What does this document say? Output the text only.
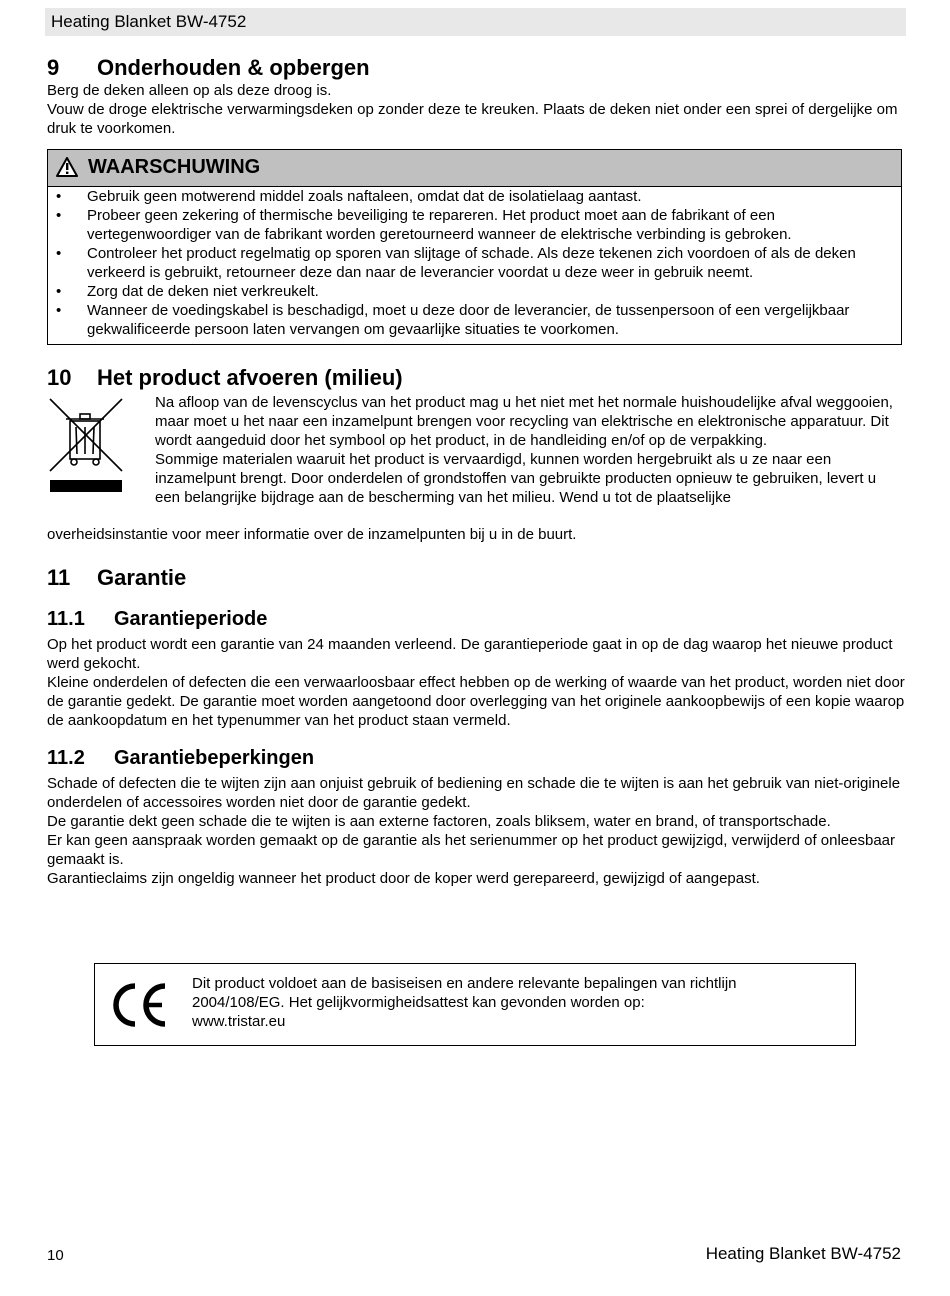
Heating Blanket BW-4752
9 Onderhouden & opbergen

Berg de deken alleen op als deze droog is.

Vouw de droge elektrische verwarmingsdeken op zonder deze te kreuken. Plaats de deken niet onder een sprei of dergelijke om druk te voorkomen.

WAARSCHUWING
• Gebruik geen motwerend middel zoals naftaleen, omdat dat de isolatielaag aantast.
• Probeer geen zekering of thermische beveiliging te repareren. Het product moet aan de fabrikant of een vertegenwoordiger van de fabrikant worden geretourneerd wanneer de elektrische verbinding is gebroken.
• Controleer het product regelmatig op sporen van slijtage of schade. Als deze tekenen zich voordoen of als de deken verkeerd is gebruikt, retourneer deze dan naar de leverancier voordat u deze weer in gebruik neemt.
• Zorg dat de deken niet verkreukelt.
• Wanneer de voedingskabel is beschadigd, moet u deze door de leverancier, de tussenpersoon of een vergelijkbaar gekwalificeerde persoon laten vervangen om gevaarlijke situaties te voorkomen.
10 Het product afvoeren (milieu)

Na afloop van de levenscyclus van het product mag u het niet met het normale huishoudelijke afval weggooien, maar moet u het naar een inzamelpunt brengen voor recycling van elektrische en elektronische apparatuur. Dit wordt aangeduid door het symbool op het product, in de handleiding en/of op de verpakking.

Sommige materialen waaruit het product is vervaardigd, kunnen worden hergebruikt als u ze naar een inzamelpunt brengt. Door onderdelen of grondstoffen van gebruikte producten opnieuw te gebruiken, levert u een belangrijke bijdrage aan de bescherming van het milieu. Wend u tot de plaatselijke

overheidsinstantie voor meer informatie over de inzamelpunten bij u in de buurt.

11 Garantie
11.1 Garantieperiode

Op het product wordt een garantie van 24 maanden verleend. De garantieperiode gaat in op de dag waarop het nieuwe product werd gekocht.

Kleine onderdelen of defecten die een verwaarloosbaar effect hebben op de werking of waarde van het product, worden niet door de garantie gedekt. De garantie moet worden aangetoond door overlegging van het originele aankoopbewijs of een kopie waarop de aankoopdatum en het typenummer van het product staan vermeld.

11.2 Garantiebeperkingen

Schade of defecten die te wijten zijn aan onjuist gebruik of bediening en schade die te wijten is aan het gebruik van niet-originele onderdelen of accessoires worden niet door de garantie gedekt.

De garantie dekt geen schade die te wijten is aan externe factoren, zoals bliksem, water en brand, of transportschade.

Er kan geen aanspraak worden gemaakt op de garantie als het serienummer op het product gewijzigd, verwijderd of onleesbaar gemaakt is.

Garantieclaims zijn ongeldig wanneer het product door de koper werd gerepareerd, gewijzigd of aangepast.

Dit product voldoet aan de basiseisen en andere relevante bepalingen van richtlijn

2004/108/EG. Het gelijkvormigheidsattest kan gevonden worden op:

www.tristar.eu

10	Heating Blanket BW-4752
